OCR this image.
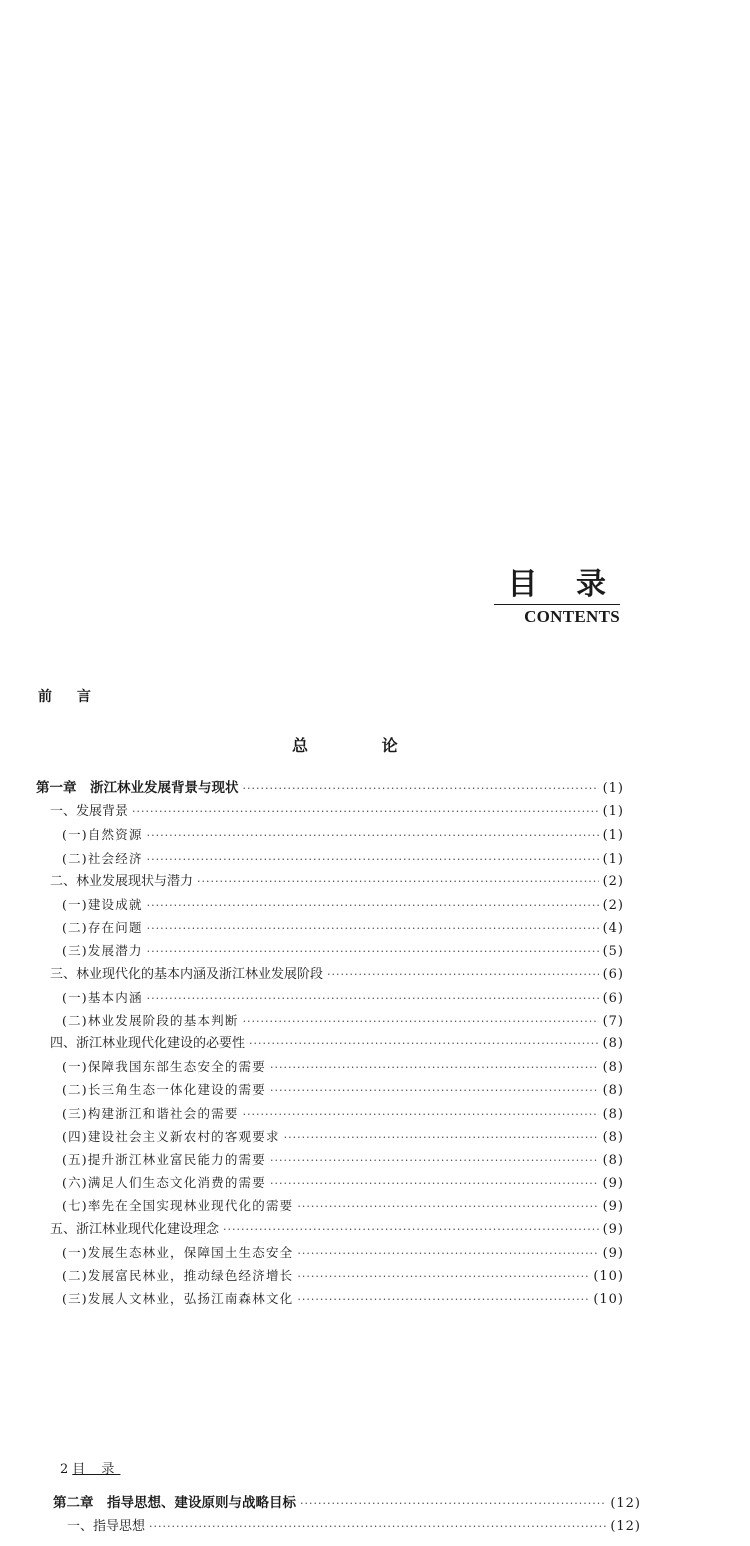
目 录
CONTENTS
前 言
总 论
第一章　浙江林业发展背景与现状 ·····	(1)
一、发展背景 ·····	(1)
(一)自然资源 ·····	(1)
(二)社会经济 ·····	(1)
二、林业发展现状与潜力 ·····	(2)
(一)建设成就 ·····	(2)
(二)存在问题 ·····	(4)
(三)发展潜力 ·····	(5)
三、林业现代化的基本内涵及浙江林业发展阶段 ·····	(6)
(一)基本内涵 ·····	(6)
(二)林业发展阶段的基本判断 ·····	(7)
四、浙江林业现代化建设的必要性 ·····	(8)
(一)保障我国东部生态安全的需要 ·····	(8)
(二)长三角生态一体化建设的需要 ·····	(8)
(三)构建浙江和谐社会的需要 ·····	(8)
(四)建设社会主义新农村的客观要求 ·····	(8)
(五)提升浙江林业富民能力的需要 ·····	(8)
(六)满足人们生态文化消费的需要 ·····	(9)
(七)率先在全国实现林业现代化的需要 ·····	(9)
五、浙江林业现代化建设理念 ·····	(9)
(一)发展生态林业，保障国土生态安全 ·····	(9)
(二)发展富民林业，推动绿色经济增长 ·····	(10)
(三)发展人文林业，弘扬江南森林文化 ·····	(10)
2 目 录
第二章　指导思想、建设原则与战略目标 ·····	(12)
一、指导思想 ·····	(12)
